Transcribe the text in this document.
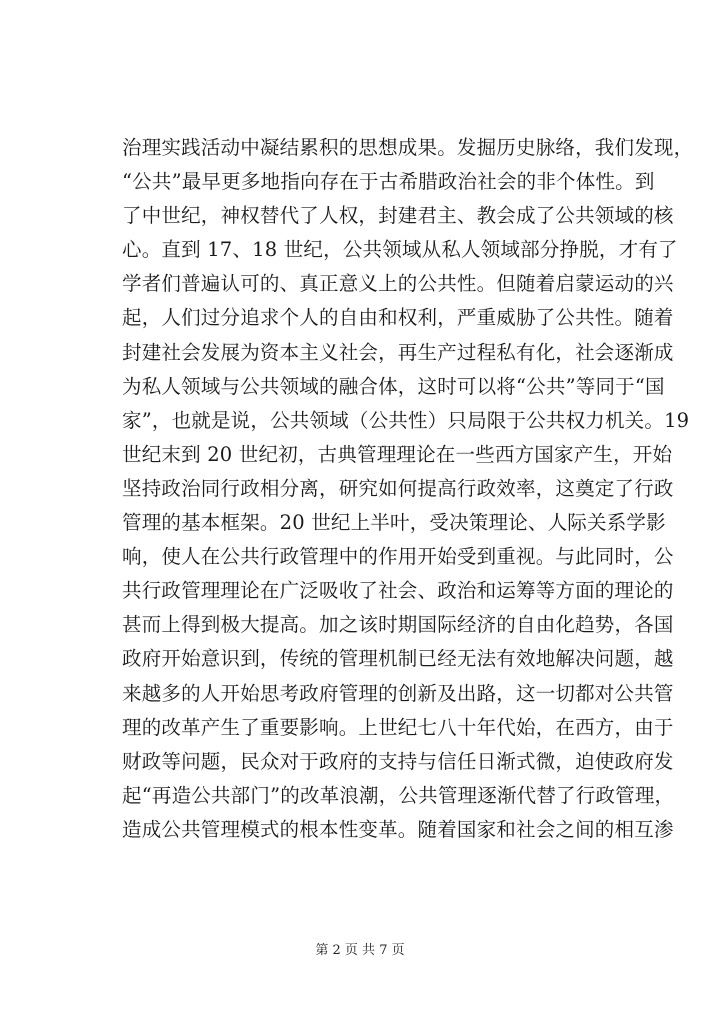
治理实践活动中凝结累积的思想成果。发掘历史脉络，我们发现，
“公共”最早更多地指向存在于古希腊政治社会的非个体性。到
了中世纪，神权替代了人权，封建君主、教会成了公共领域的核
心。直到 17、18 世纪，公共领域从私人领域部分挣脱，才有了
学者们普遍认可的、真正意义上的公共性。但随着启蒙运动的兴
起，人们过分追求个人的自由和权利，严重威胁了公共性。随着
封建社会发展为资本主义社会，再生产过程私有化，社会逐渐成
为私人领域与公共领域的融合体，这时可以将“公共”等同于“国
家”，也就是说，公共领域（公共性）只局限于公共权力机关。19
世纪末到 20 世纪初，古典管理理论在一些西方国家产生，开始
坚持政治同行政相分离，研究如何提高行政效率，这奠定了行政
管理的基本框架。20 世纪上半叶，受决策理论、人际关系学影
响，使人在公共行政管理中的作用开始受到重视。与此同时，公
共行政管理理论在广泛吸收了社会、政治和运筹等方面的理论的
甚而上得到极大提高。加之该时期国际经济的自由化趋势，各国
政府开始意识到，传统的管理机制已经无法有效地解决问题，越
来越多的人开始思考政府管理的创新及出路，这一切都对公共管
理的改革产生了重要影响。上世纪七八十年代始，在西方，由于
财政等问题，民众对于政府的支持与信任日渐式微，迫使政府发
起“再造公共部门”的改革浪潮，公共管理逐渐代替了行政管理，
造成公共管理模式的根本性变革。随着国家和社会之间的相互渗
第 2 页 共 7 页
